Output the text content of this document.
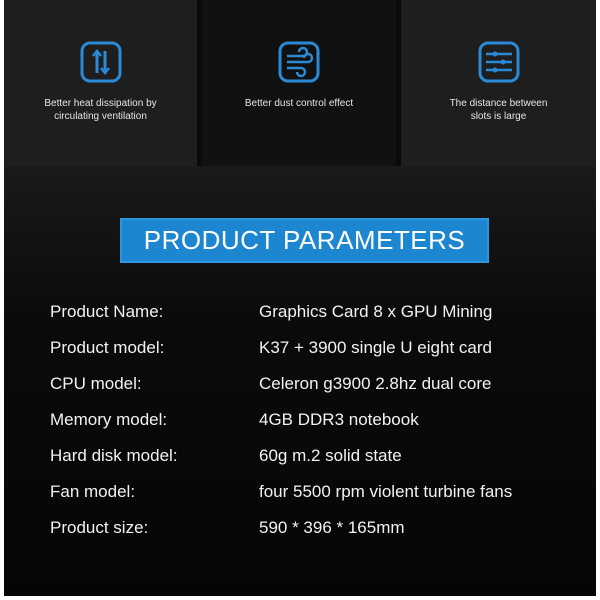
Better heat dissipation by
circulating ventilation
Better dust control effect	The distance between
slots is large
PRODUCT PARAMETERS
Product Name:	Graphics Card 8 x GPU Mining
Product model:	K37 + 3900 single U eight card
CPU model:	Celeron g3900 2.8hz dual core
Memory model:	4GB DDR3 notebook
Hard disk model:	60g m.2 solid state
Fan model:	four 5500 rpm violent turbine fans
Product size:	590 * 396 * 165mm
